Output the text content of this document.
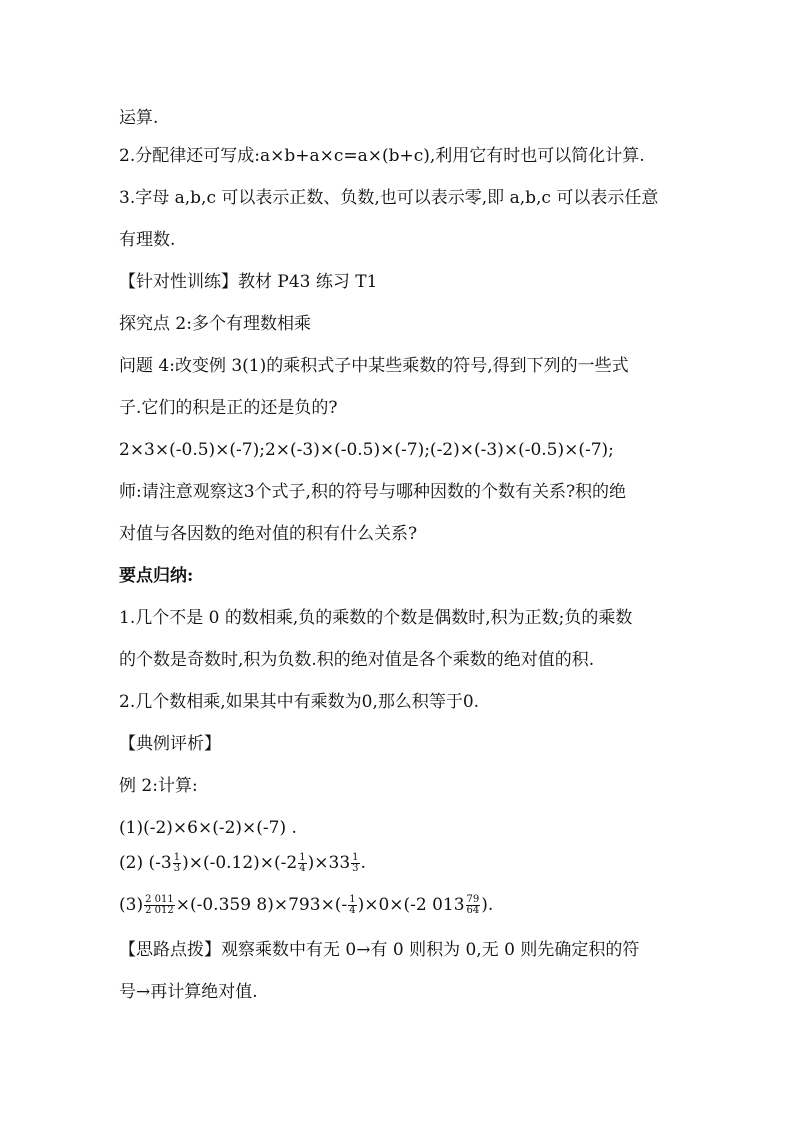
运算.
2.分配律还可写成:a×b+a×c=a×(b+c),利用它有时也可以简化计算.
3.字母 a,b,c 可以表示正数、负数,也可以表示零,即 a,b,c 可以表示任意
有理数.
【针对性训练】教材 P43 练习 T1
探究点 2:多个有理数相乘
问题 4:改变例 3(1)的乘积式子中某些乘数的符号,得到下列的一些式
子.它们的积是正的还是负的?
2×3×(-0.5)×(-7);2×(-3)×(-0.5)×(-7);(-2)×(-3)×(-0.5)×(-7);
师:请注意观察这3个式子,积的符号与哪种因数的个数有关系?积的绝
对值与各因数的绝对值的积有什么关系?
要点归纳:
1.几个不是 0 的数相乘,负的乘数的个数是偶数时,积为正数;负的乘数
的个数是奇数时,积为负数.积的绝对值是各个乘数的绝对值的积.
2.几个数相乘,如果其中有乘数为0,那么积等于0.
【典例评析】
例 2:计算:
(1)(-2)×6×(-2)×(-7) .
(2) $(-3 \frac{1}{3} )\times(-0.12)\times(-2 \frac{1}{4} )\times 33 \frac{1}{3}$ .
$(3) \frac{2 011}{2 012} \times(-0.359$ $8)\times 793\times(- \frac{1}{4} )\times 0\times(-2$ $013 \frac{79}{64}$ ).
【思路点拨】观察乘数中有无 0→有 0 则积为 0,无 0 则先确定积的符
号→再计算绝对值.
